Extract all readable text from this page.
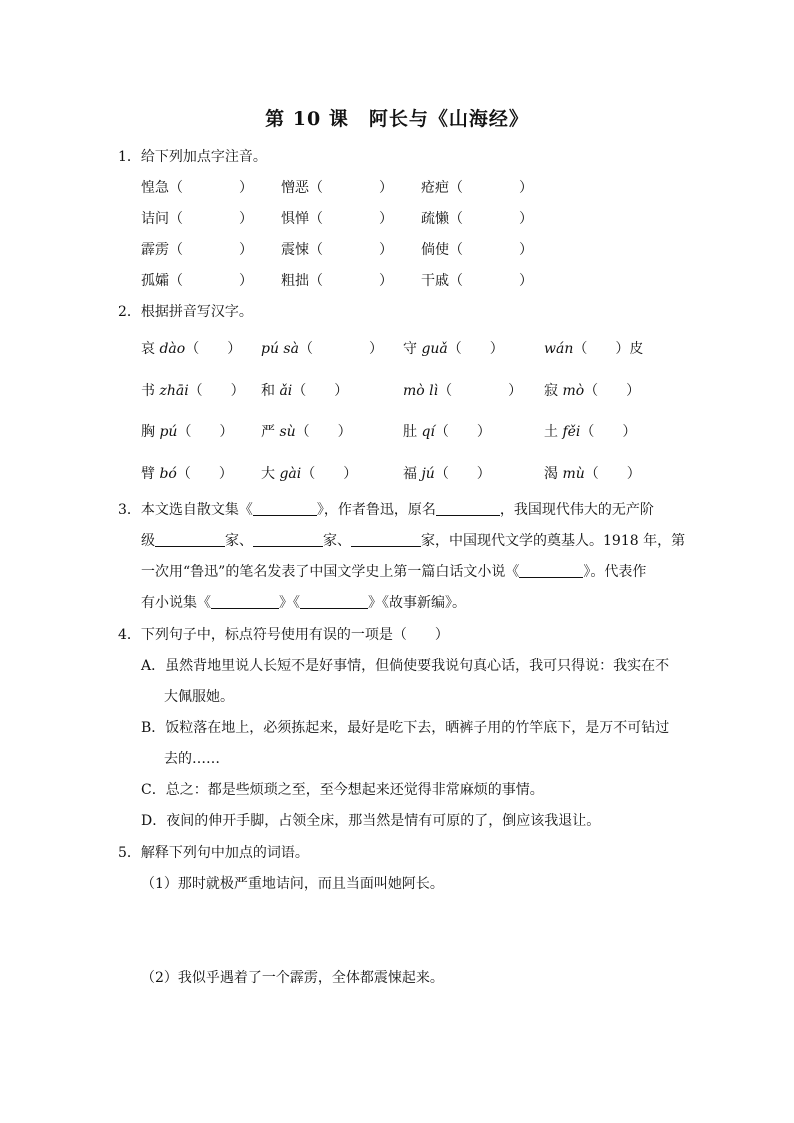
第 10 课　阿长与《山海经》
1．给下列加点字注音。
惶急（　　　　） 憎恶（　　　　） 疮疤（　　　　）
诘问（　　　　） 惧惮（　　　　） 疏懒（　　　　）
霹雳（　　　　） 震悚（　　　　） 倘使（　　　　）
孤孀（　　　　） 粗拙（　　　　） 干戚（　　　　）
2．根据拼音写汉字。
哀 dào（　　） pú sà（　　　　） 守 guǎ（　　）	wán（　　）皮
书 zhāi（　　） 和 ǎi（　　）	mò lì（　　　　） 寂 mò（　　）
胸 pú（　　） 严 sù（　　）	肚 qí（　　）	土 fěi（　　）
臂 bó（　　） 大 gài（　　）	福 jú（　　）	渴 mù（　　）
3．本文选自散文集《	》，作者鲁迅，原名	，我国现代伟大的无产阶
级	家、	家、	家，中国现代文学的奠基人。1918 年，第
一次用“鲁迅”的笔名发表了中国文学史上第一篇白话文小说《	》。代表作
有小说集《	》《	》《故事新编》。
4．下列句子中，标点符号使用有误的一项是（　　）
A．虽然背地里说人长短不是好事情，但倘使要我说句真心话，我可只得说：我实在不
大佩服她。
B．饭粒落在地上，必须拣起来，最好是吃下去，晒裤子用的竹竿底下，是万不可钻过
去的……
C．总之：都是些烦琐之至，至今想起来还觉得非常麻烦的事情。
D．夜间的伸开手脚，占领全床，那当然是情有可原的了，倒应该我退让。
5．解释下列句中加点的词语。
（1）那时就极严重地诘问，而且当面叫她阿长。
（2）我似乎遇着了一个霹雳，全体都震悚起来。
